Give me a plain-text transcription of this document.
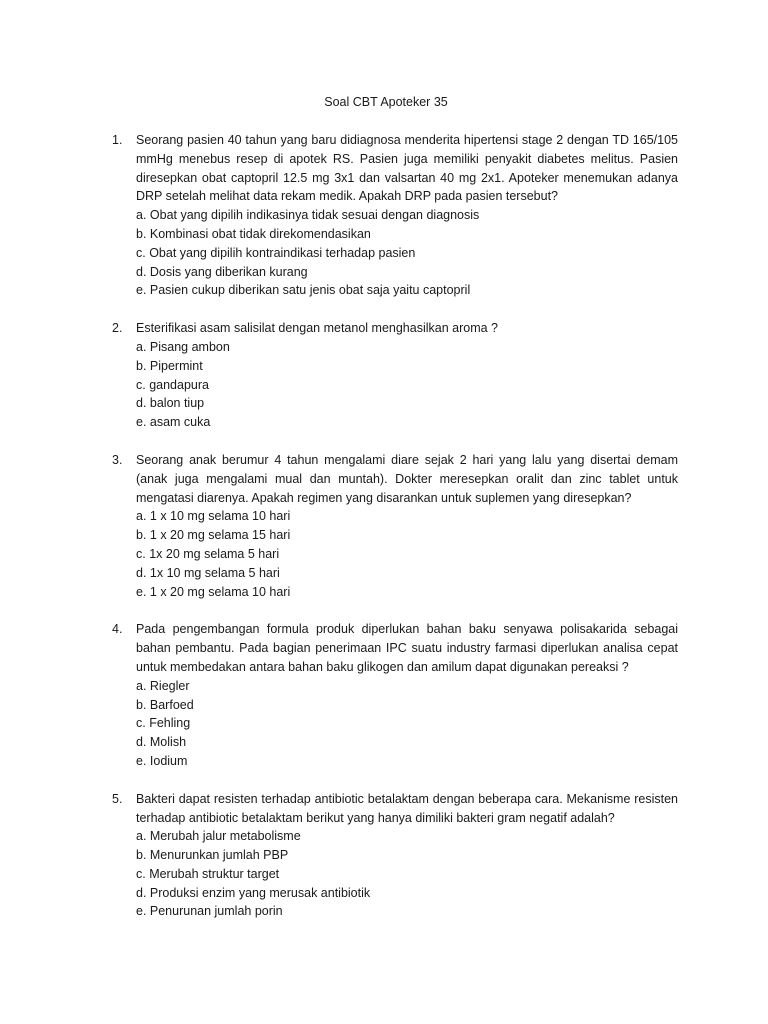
Soal CBT Apoteker 35
1. Seorang pasien 40 tahun yang baru didiagnosa menderita hipertensi stage 2 dengan TD 165/105 mmHg menebus resep di apotek RS. Pasien juga memiliki penyakit diabetes melitus. Pasien diresepkan obat captopril 12.5 mg 3x1 dan valsartan 40 mg 2x1. Apoteker menemukan adanya DRP setelah melihat data rekam medik. Apakah DRP pada pasien tersebut?

a. Obat yang dipilih indikasinya tidak sesuai dengan diagnosis
b. Kombinasi obat tidak direkomendasikan
c. Obat yang dipilih kontraindikasi terhadap pasien
d. Dosis yang diberikan kurang
e. Pasien cukup diberikan satu jenis obat saja yaitu captopril
2. Esterifikasi asam salisilat dengan metanol menghasilkan aroma ?

a. Pisang ambon
b. Pipermint
c. gandapura
d. balon tiup
e. asam cuka
3. Seorang anak berumur 4 tahun mengalami diare sejak 2 hari yang lalu yang disertai demam (anak juga mengalami mual dan muntah). Dokter meresepkan oralit dan zinc tablet untuk mengatasi diarenya. Apakah regimen yang disarankan untuk suplemen yang diresepkan?

a. 1 x 10 mg selama 10 hari
b. 1 x 20 mg selama 15 hari
c. 1x 20 mg selama 5 hari
d. 1x 10 mg selama 5 hari
e. 1 x 20 mg selama 10 hari
4. Pada pengembangan formula produk diperlukan bahan baku senyawa polisakarida sebagai bahan pembantu. Pada bagian penerimaan IPC suatu industry farmasi diperlukan analisa cepat untuk membedakan antara bahan baku glikogen dan amilum dapat digunakan pereaksi ?

a. Riegler
b. Barfoed
c. Fehling
d. Molish
e. Iodium
5. Bakteri dapat resisten terhadap antibiotic betalaktam dengan beberapa cara. Mekanisme resisten terhadap antibiotic betalaktam berikut yang hanya dimiliki bakteri gram negatif adalah?

a. Merubah jalur metabolisme
b. Menurunkan jumlah PBP
c. Merubah struktur target
d. Produksi enzim yang merusak antibiotik
e. Penurunan jumlah porin
